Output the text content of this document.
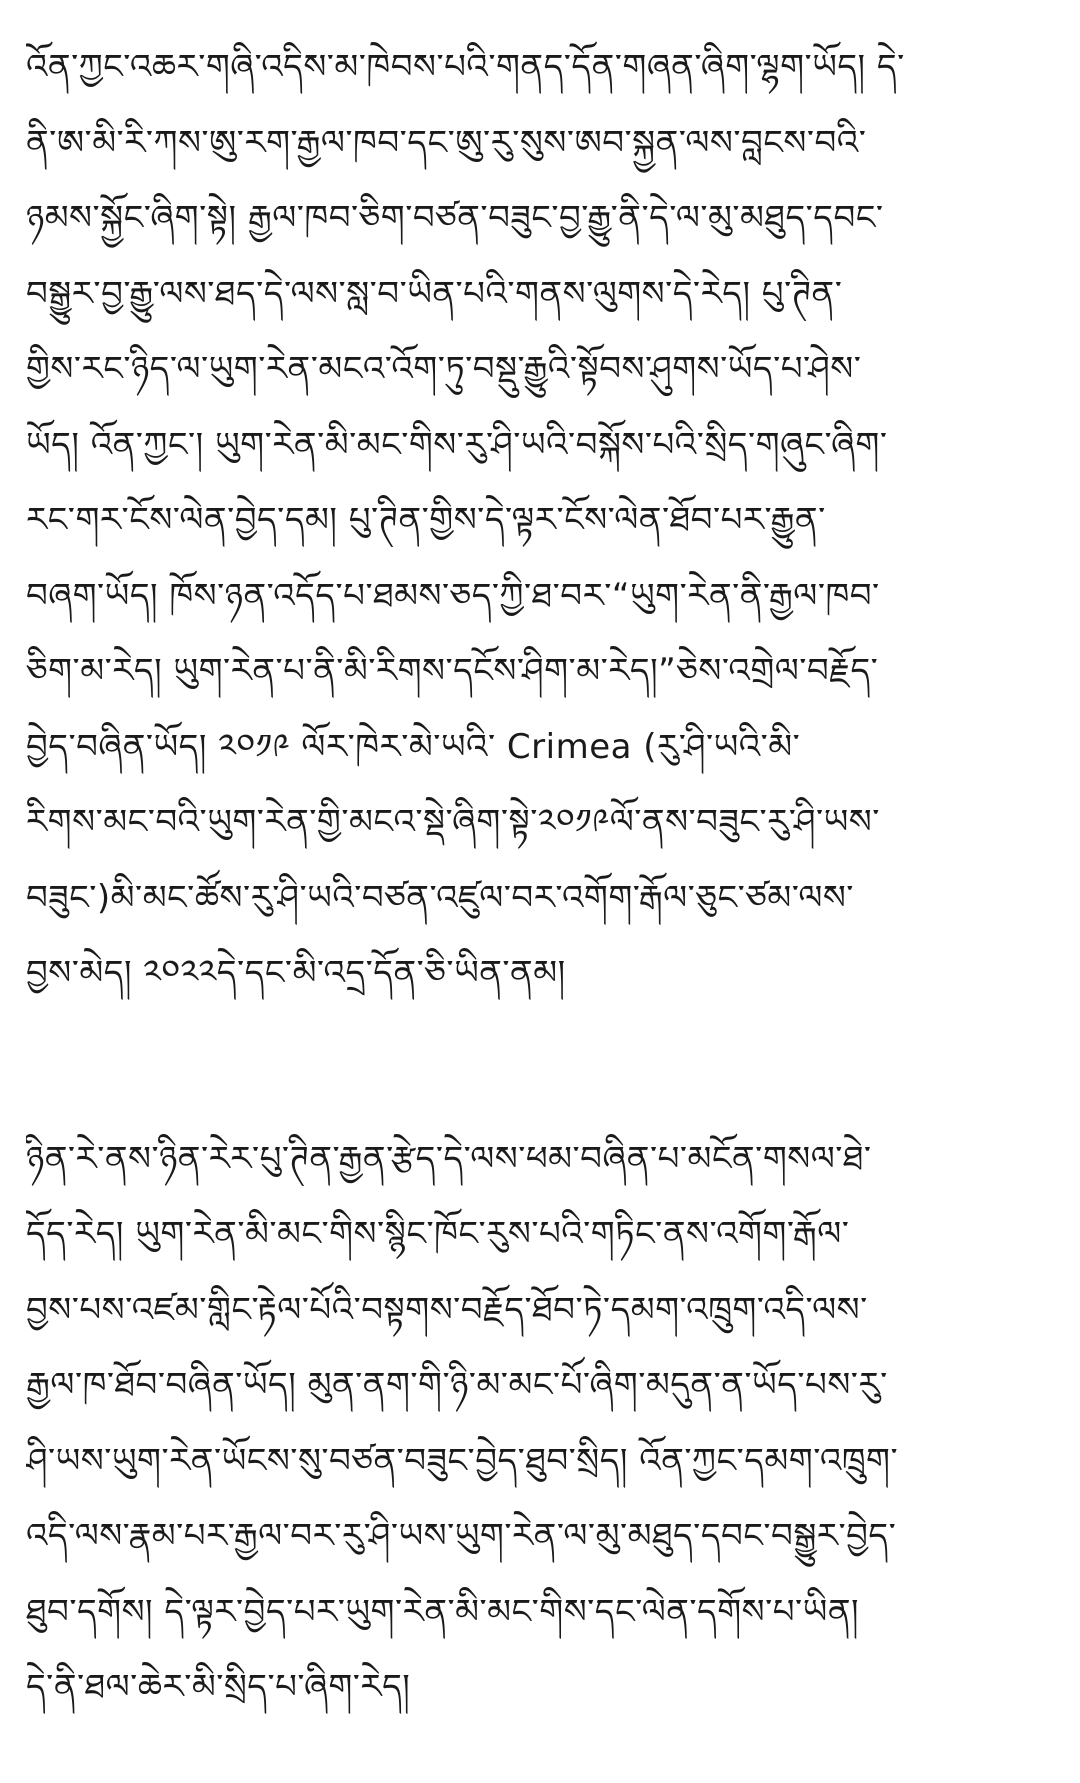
འོན་ཀྱང་འཆར་གཞི་འདིས་མ་ཁེབས་པའི་གནད་དོན་གཞན་ཞིག་ལྷག་ཡོད། དེ་
ནི་ཨ་མི་རི་ཀས་ཨུ་རག་རྒྱལ་ཁབ་དང་ཨུ་རུ་སུས་ཨབ་སྐྱན་ལས་བླངས་བའི་
ཉམས་སྐྱོང་ཞིག་སྟེ། རྒྱལ་ཁབ་ཅིག་བཙན་བཟུང་བྱ་རྒྱུ་ནི་དེ་ལ་མུ་མཐུད་དབང་
བསྒྱུར་བྱ་རྒྱུ་ལས་ཐད་དེ་ལས་སླ་བ་ཡིན་པའི་གནས་ལུགས་དེ་རེད། པུ་ཊིན་
གྱིས་རང་ཉིད་ལ་ཡུག་རེན་མངའ་འོག་ཏུ་བསྡུ་རྒྱུའི་སྟོབས་ཤུགས་ཡོད་པ་ཤེས་
ཡོད། འོན་ཀྱང་། ཡུག་རེན་མི་མང་གིས་རུ་ཤི་ཡའི་བསྐོས་པའི་སྲིད་གཞུང་ཞིག་
རང་གར་ངོས་ལེན་བྱེད་དམ། པུ་ཊིན་གྱིས་དེ་ལྟར་ངོས་ལེན་ཐོབ་པར་རྒྱུན་
བཞག་ཡོད། ཁོས་ཉན་འདོད་པ་ཐམས་ཅད་ཀྱི་ཐ་བར་“ཡུག་རེན་ནི་རྒྱལ་ཁབ་
ཅིག་མ་རེད། ཡུག་རེན་པ་ནི་མི་རིགས་དངོས་ཤིག་མ་རེད།”ཅེས་འགྲེལ་བརྗོད་
བྱེད་བཞིན་ཡོད། ༢༠༡༩ ལོར་ཁེར་མེ་ཡའི་ Crimea (རུ་ཤི་ཡའི་མི་
རིགས་མང་བའི་ཡུག་རེན་གྱི་མངའ་སྡེ་ཞིག་སྟེ་༢༠༡༩ལོ་ནས་བཟུང་རུ་ཤི་ཡས་
བཟུང་)མི་མང་ཚོས་རུ་ཤི་ཡའི་བཙན་འཛུལ་བར་འགོག་རྒོལ་ཅུང་ཙམ་ལས་
བྱས་མེད། ༢༠༢༢དེ་དང་མི་འདྲ་དོན་ཅི་ཡིན་ནམ།
ཉིན་རེ་ནས་ཉིན་རེར་པུ་ཊིན་རྒྱན་རྩེད་དེ་ལས་ཕམ་བཞིན་པ་མངོན་གསལ་ཐེ་
དོད་རེད། ཡུག་རེན་མི་མང་གིས་སྙིང་ཁོང་རུས་པའི་གཏིང་ནས་འགོག་རྒོལ་
བྱས་པས་འཛམ་གླིང་རྟེལ་པོའི་བསྟགས་བརྗོད་ཐོབ་ཏེ་དམག་འཁྲུག་འདི་ལས་
རྒྱལ་ཁ་ཐོབ་བཞིན་ཡོད། མུན་ནག་གི་ཉི་མ་མང་པོ་ཞིག་མདུན་ན་ཡོད་པས་རུ་
ཤི་ཡས་ཡུག་རེན་ཡོངས་སུ་བཙན་བཟུང་བྱེད་ཐུབ་སྲིད། འོན་ཀྱང་དམག་འཁྲུག་
འདི་ལས་རྣམ་པར་རྒྱལ་བར་རུ་ཤི་ཡས་ཡུག་རེན་ལ་མུ་མཐུད་དབང་བསྒྱུར་བྱེད་
ཐུབ་དགོས། དེ་ལྟར་བྱེད་པར་ཡུག་རེན་མི་མང་གིས་དང་ལེན་དགོས་པ་ཡིན།
དེ་ནི་ཐལ་ཆེར་མི་སྲིད་པ་ཞིག་རེད།
